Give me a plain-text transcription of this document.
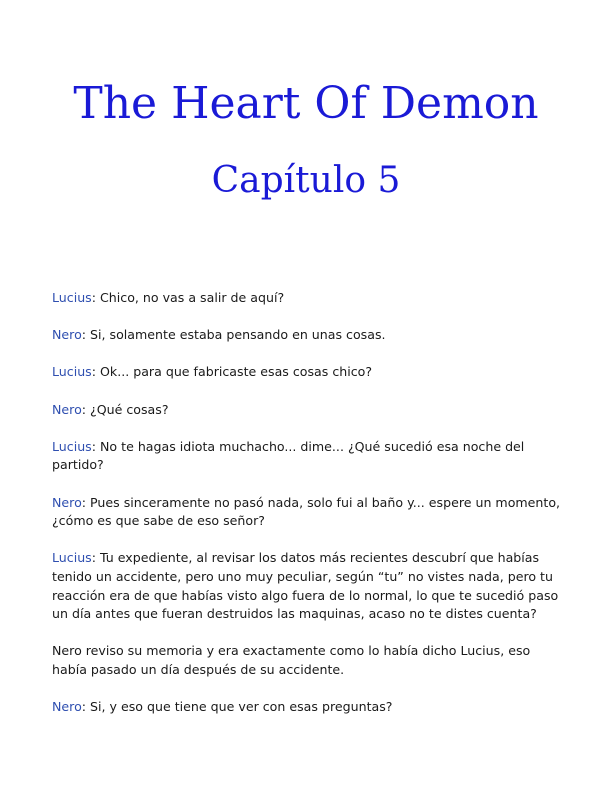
The Heart Of Demon
Capítulo 5

Lucius: Chico, no vas a salir de aquí?

Nero: Si, solamente estaba pensando en unas cosas.

Lucius: Ok... para que fabricaste esas cosas chico?

Nero: ¿Qué cosas?

Lucius: No te hagas idiota muchacho... dime... ¿Qué sucedió esa noche del partido?

Nero: Pues sinceramente no pasó nada, solo fui al baño y... espere un momento, ¿cómo es que sabe de eso señor?

Lucius: Tu expediente, al revisar los datos más recientes descubrí que habías tenido un accidente, pero uno muy peculiar, según “tu” no vistes nada, pero tu reacción era de que habías visto algo fuera de lo normal, lo que te sucedió paso un día antes que fueran destruidos las maquinas, acaso no te distes cuenta?

Nero reviso su memoria y era exactamente como lo había dicho Lucius, eso había pasado un día después de su accidente.

Nero: Si, y eso que tiene que ver con esas preguntas?
